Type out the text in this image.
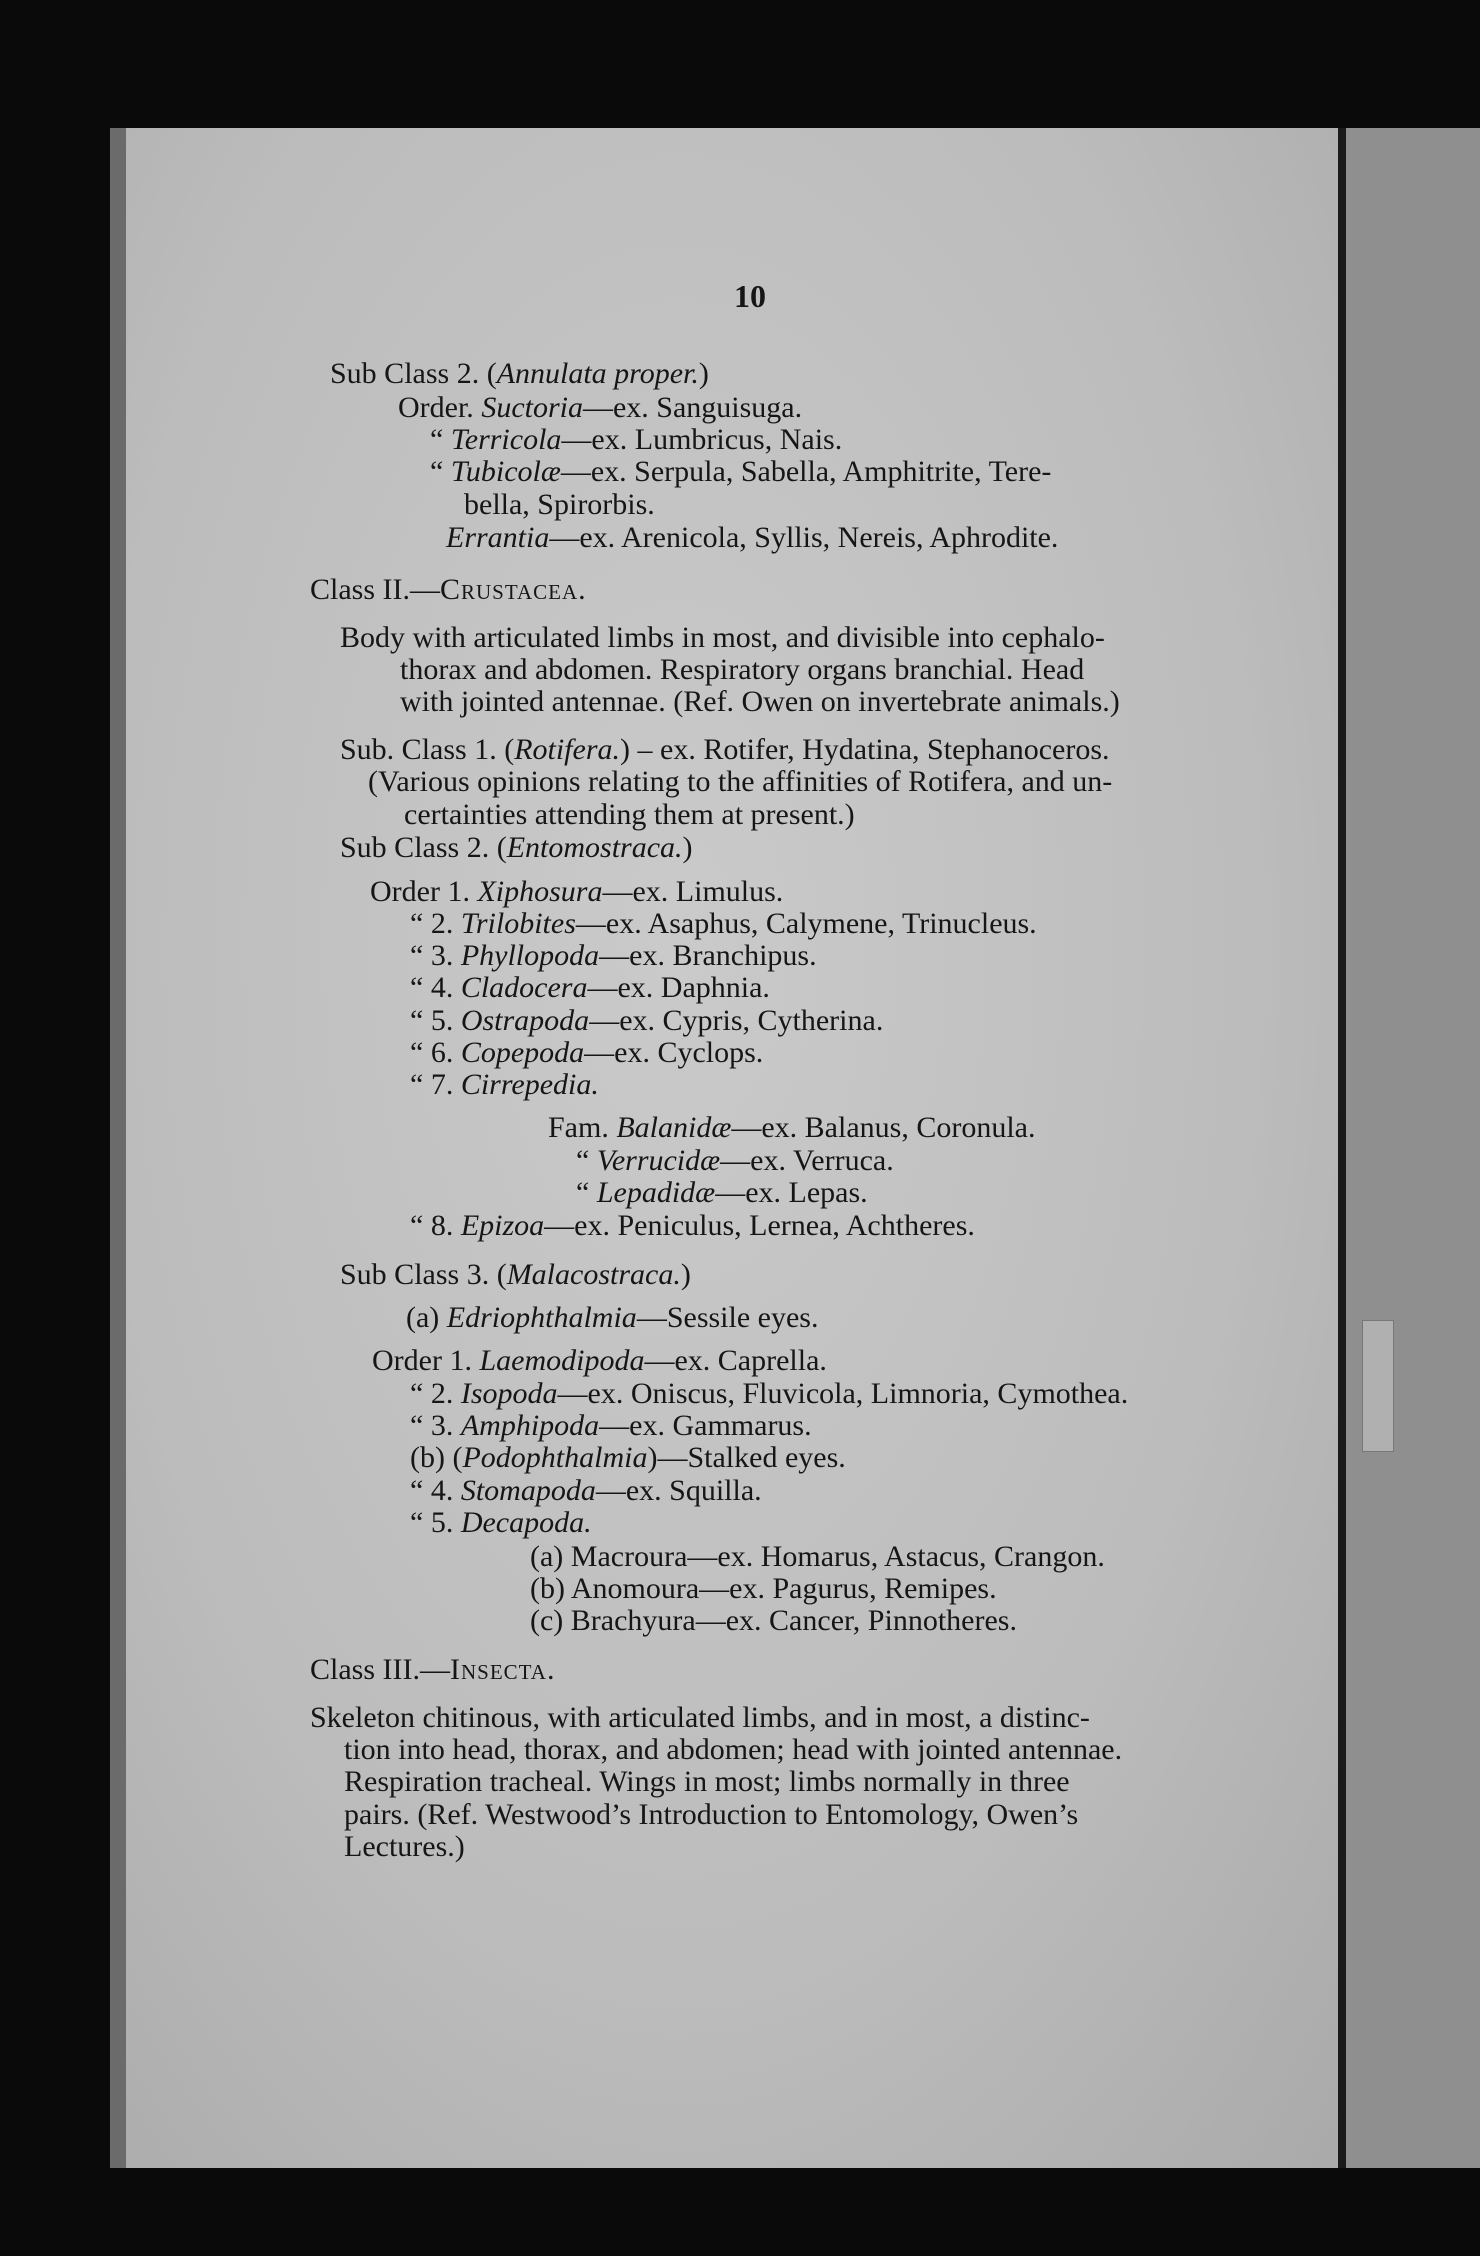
10
Sub Class 2. (Annulata proper.)
Order. Suctoria—ex. Sanguisuga.
“ Terricola—ex. Lumbricus, Nais.
“ Tubicolæ—ex. Serpula, Sabella, Amphitrite, Tere-
bella, Spirorbis.
Errantia—ex. Arenicola, Syllis, Nereis, Aphrodite.
Class II.—Crustacea.
Body with articulated limbs in most, and divisible into cephalo-
thorax and abdomen. Respiratory organs branchial. Head
with jointed antennae. (Ref. Owen on invertebrate animals.)
Sub. Class 1. (Rotifera.) – ex. Rotifer, Hydatina, Stephanoceros.
(Various opinions relating to the affinities of Rotifera, and un-
certainties attending them at present.)
Sub Class 2. (Entomostraca.)
Order 1. Xiphosura—ex. Limulus.
“ 2. Trilobites—ex. Asaphus, Calymene, Trinucleus.
“ 3. Phyllopoda—ex. Branchipus.
“ 4. Cladocera—ex. Daphnia.
“ 5. Ostrapoda—ex. Cypris, Cytherina.
“ 6. Copepoda—ex. Cyclops.
“ 7. Cirrepedia.
Fam. Balanidæ—ex. Balanus, Coronula.
“ Verrucidæ—ex. Verruca.
“ Lepadidæ—ex. Lepas.
“ 8. Epizoa—ex. Peniculus, Lernea, Achtheres.
Sub Class 3. (Malacostraca.)
(a) Edriophthalmia—Sessile eyes.
Order 1. Laemodipoda—ex. Caprella.
“ 2. Isopoda—ex. Oniscus, Fluvicola, Limnoria, Cymothea.
“ 3. Amphipoda—ex. Gammarus.
(b) (Podophthalmia)—Stalked eyes.
“ 4. Stomapoda—ex. Squilla.
“ 5. Decapoda.
(a) Macroura—ex. Homarus, Astacus, Crangon.
(b) Anomoura—ex. Pagurus, Remipes.
(c) Brachyura—ex. Cancer, Pinnotheres.
Class III.—Insecta.
Skeleton chitinous, with articulated limbs, and in most, a distinc-
tion into head, thorax, and abdomen; head with jointed antennae.
Respiration tracheal. Wings in most; limbs normally in three
pairs. (Ref. Westwood’s Introduction to Entomology, Owen’s
Lectures.)
